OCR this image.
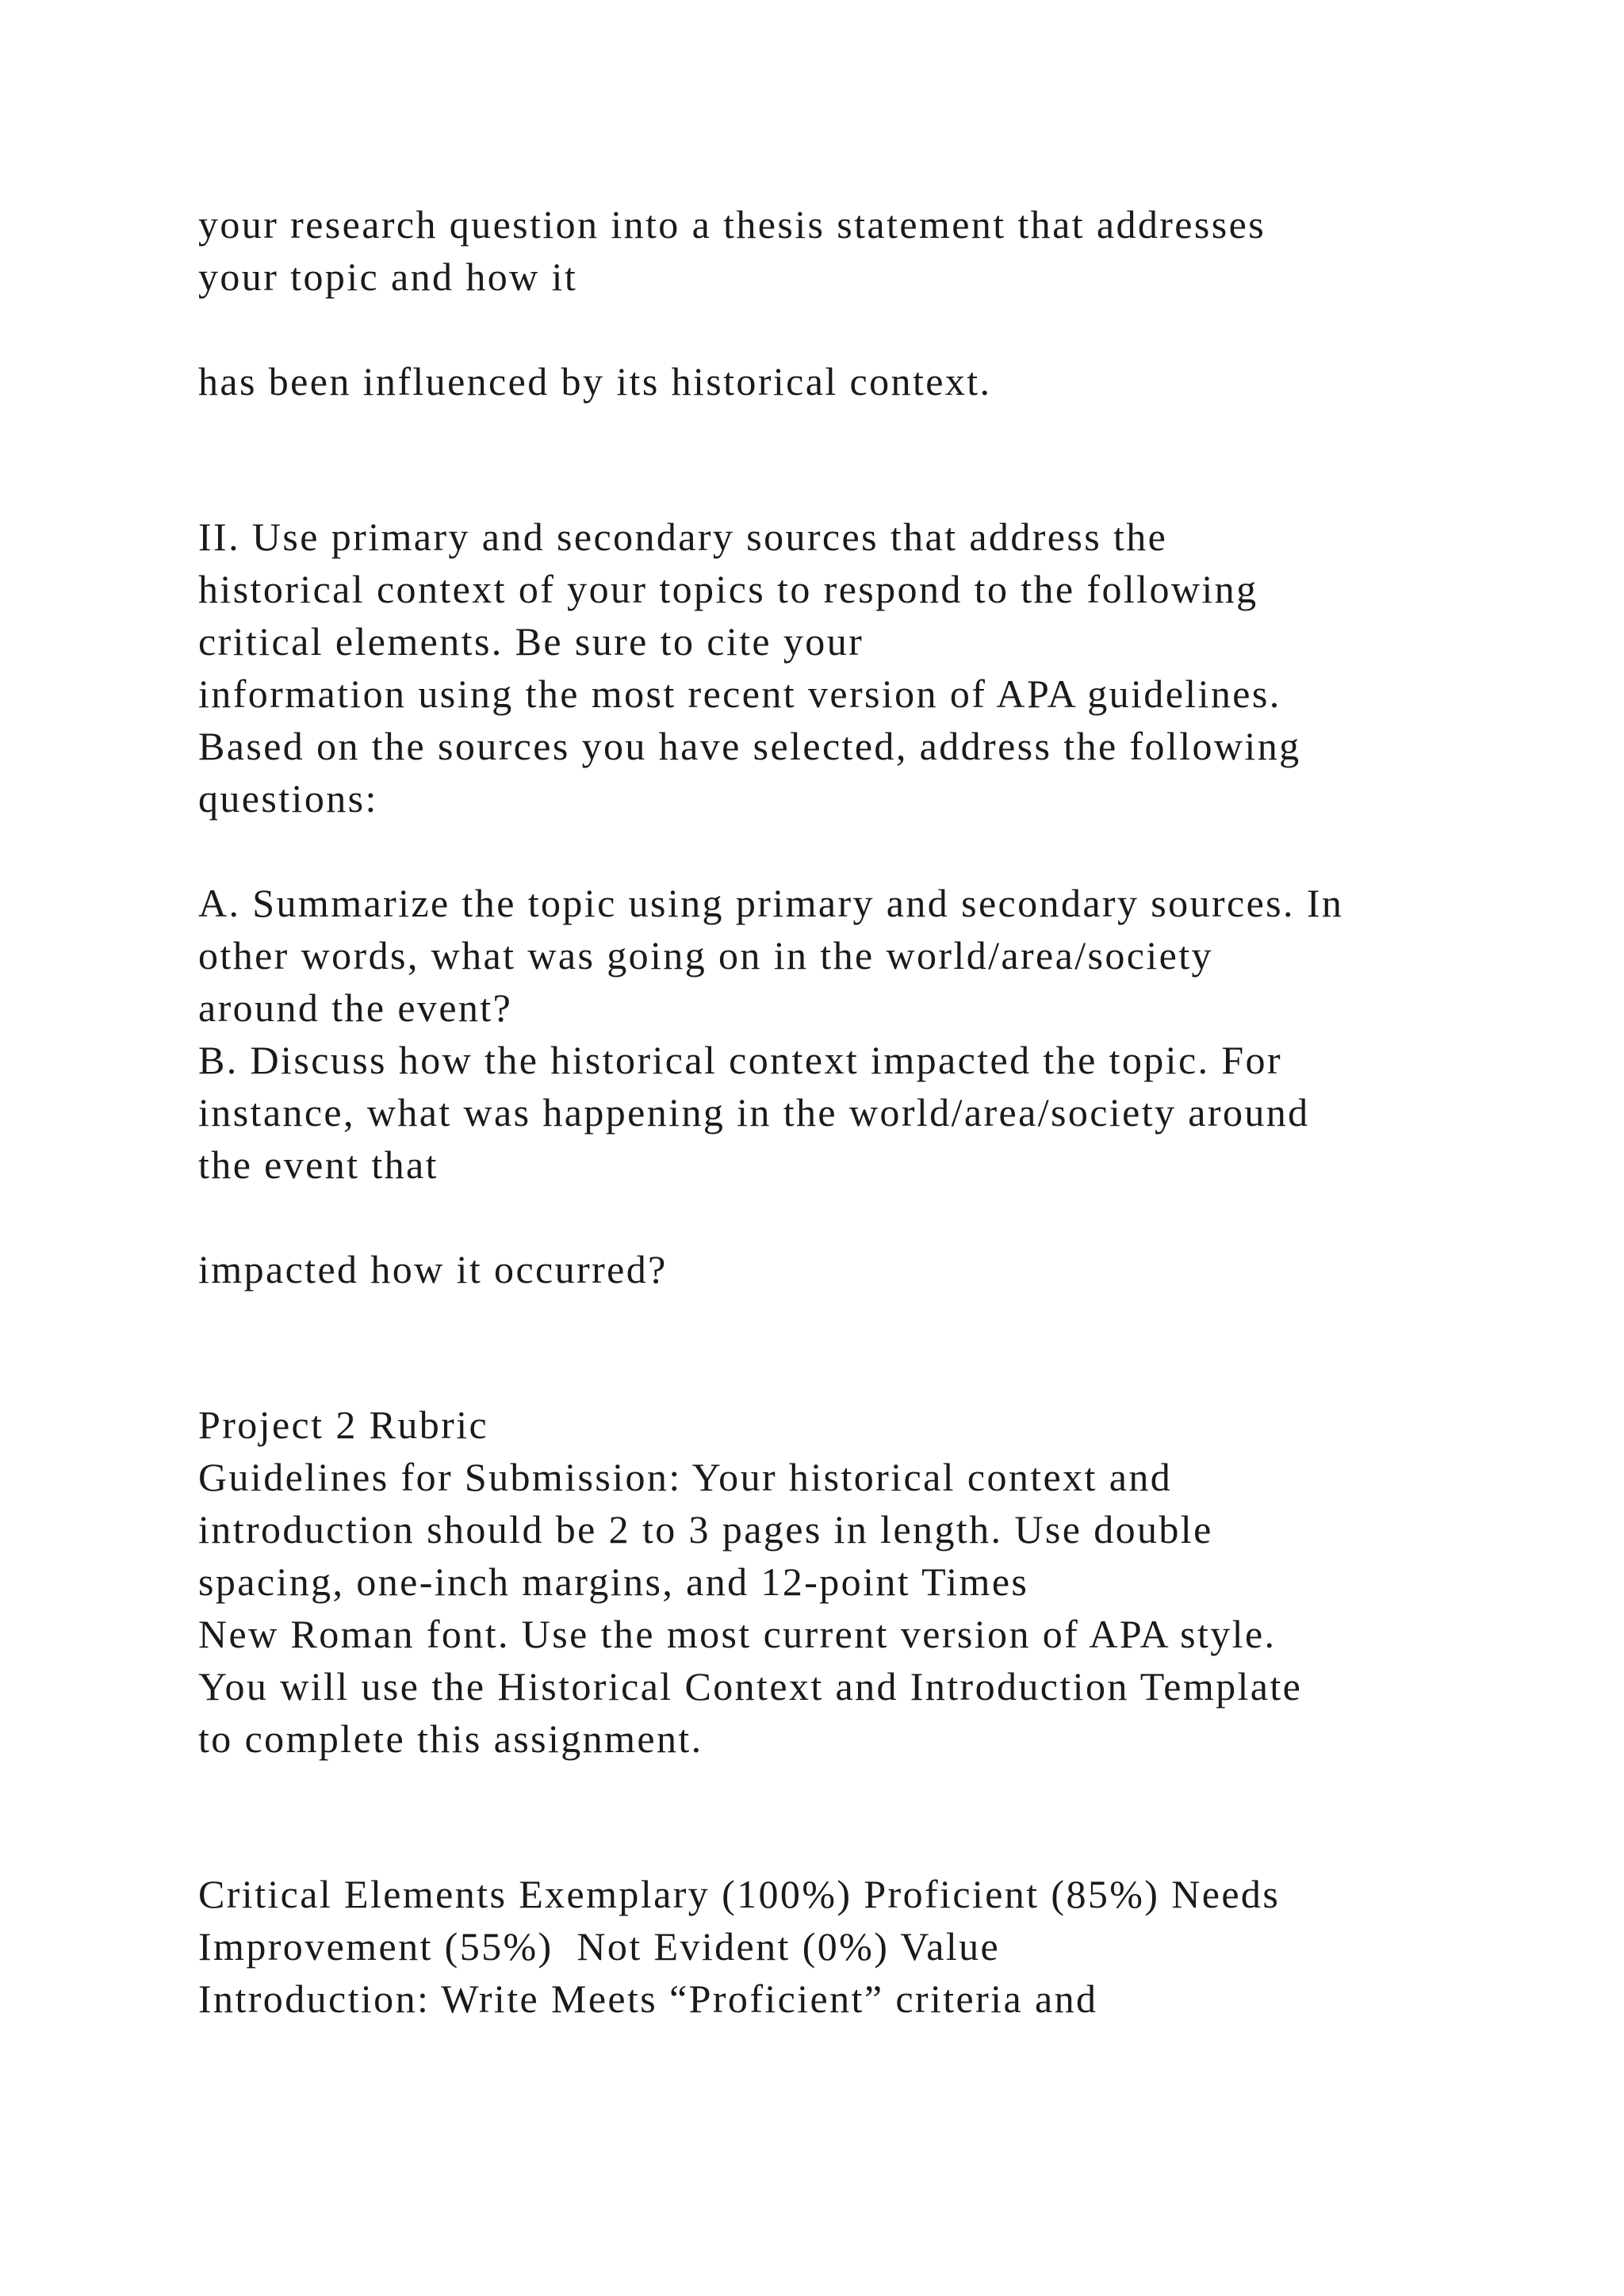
your research question into a thesis statement that addresses

your topic and how it

has been influenced by its historical context.

II. Use primary and secondary sources that address the

historical context of your topics to respond to the following

critical elements. Be sure to cite your

information using the most recent version of APA guidelines.

Based on the sources you have selected, address the following

questions:

A. Summarize the topic using primary and secondary sources. In

other words, what was going on in the world/area/society

around the event?

B. Discuss how the historical context impacted the topic. For

instance, what was happening in the world/area/society around

the event that

impacted how it occurred?

Project 2 Rubric

Guidelines for Submission: Your historical context and

introduction should be 2 to 3 pages in length. Use double

spacing, one-inch margins, and 12-point Times

New Roman font. Use the most current version of APA style.

You will use the Historical Context and Introduction Template

to complete this assignment.

Critical Elements Exemplary (100%) Proficient (85%) Needs

Improvement (55%)  Not Evident (0%) Value

Introduction: Write Meets “Proficient” criteria and
